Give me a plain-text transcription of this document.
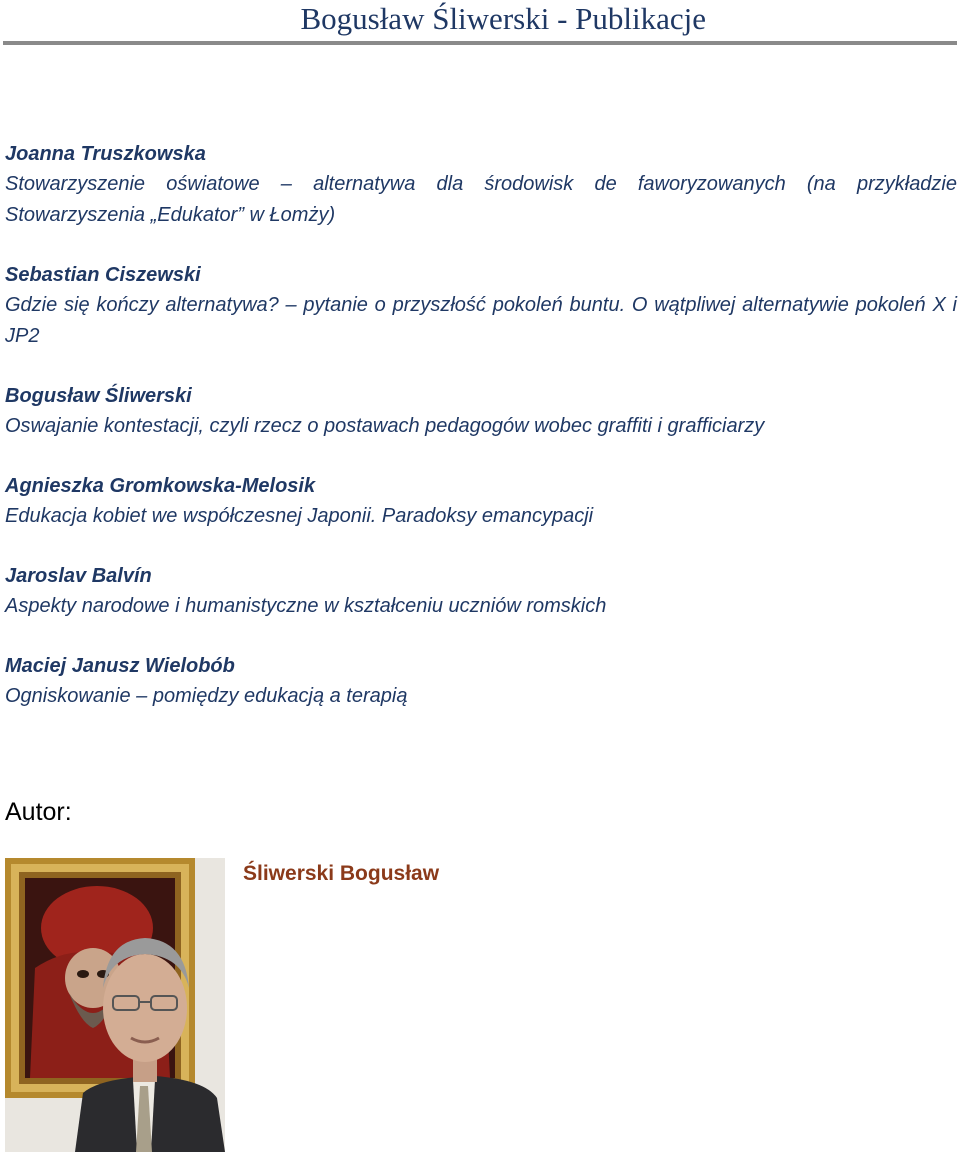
Bogusław Śliwerski - Publikacje
Joanna Truszkowska
Stowarzyszenie oświatowe – alternatywa dla środowisk de faworyzowanych (na przykładzie Stowarzyszenia „Edukator” w Łomży)
Sebastian Ciszewski
Gdzie się kończy alternatywa? – pytanie o przyszłość pokoleń buntu. O wątpliwej alternatywie pokoleń X i JP2
Bogusław Śliwerski
Oswajanie kontestacji, czyli rzecz o postawach pedagogów wobec graffiti i grafficiarzy
Agnieszka Gromkowska-Melosik
Edukacja kobiet we współczesnej Japonii. Paradoksy emancypacji
Jaroslav Balvín
Aspekty narodowe i humanistyczne w kształceniu uczniów romskich
Maciej Janusz Wielobób
Ogniskowanie – pomiędzy edukacją a terapią
Autor:
Śliwerski Bogusław
